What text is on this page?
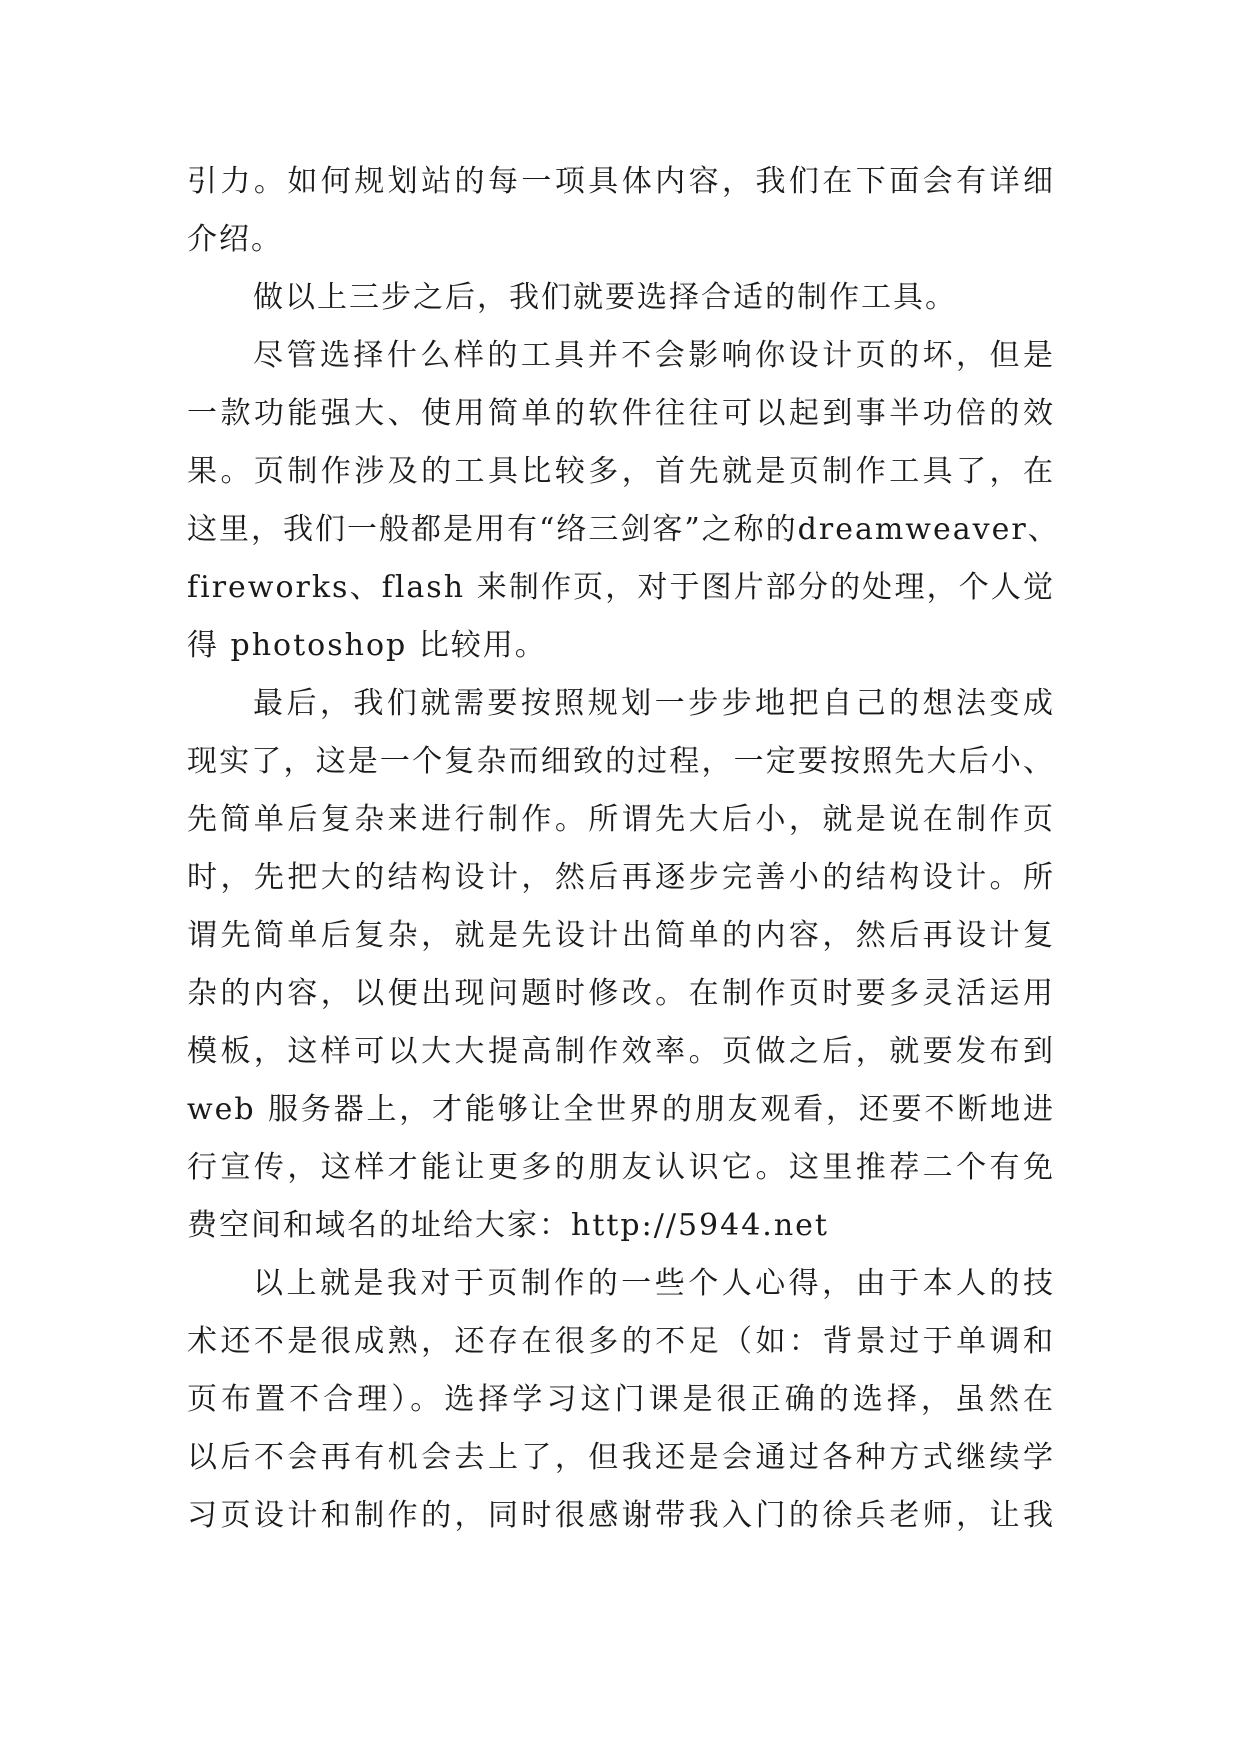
引力。如何规划站的每一项具体内容，我们在下面会有详细
介绍。
做以上三步之后，我们就要选择合适的制作工具。
尽管选择什么样的工具并不会影响你设计页的坏，但是
一款功能强大、使用简单的软件往往可以起到事半功倍的效
果。页制作涉及的工具比较多，首先就是页制作工具了，在
这里，我们一般都是用有“络三剑客”之称的dreamweaver、
fireworks、flash 来制作页，对于图片部分的处理，个人觉
得 photoshop 比较用。
最后，我们就需要按照规划一步步地把自己的想法变成
现实了，这是一个复杂而细致的过程，一定要按照先大后小、
先简单后复杂来进行制作。所谓先大后小，就是说在制作页
时，先把大的结构设计，然后再逐步完善小的结构设计。所
谓先简单后复杂，就是先设计出简单的内容，然后再设计复
杂的内容，以便出现问题时修改。在制作页时要多灵活运用
模板，这样可以大大提高制作效率。页做之后，就要发布到
web 服务器上，才能够让全世界的朋友观看，还要不断地进
行宣传，这样才能让更多的朋友认识它。这里推荐二个有免
费空间和域名的址给大家：http://5944.net
以上就是我对于页制作的一些个人心得，由于本人的技
术还不是很成熟，还存在很多的不足（如：背景过于单调和
页布置不合理）。选择学习这门课是很正确的选择，虽然在
以后不会再有机会去上了，但我还是会通过各种方式继续学
习页设计和制作的，同时很感谢带我入门的徐兵老师，让我
